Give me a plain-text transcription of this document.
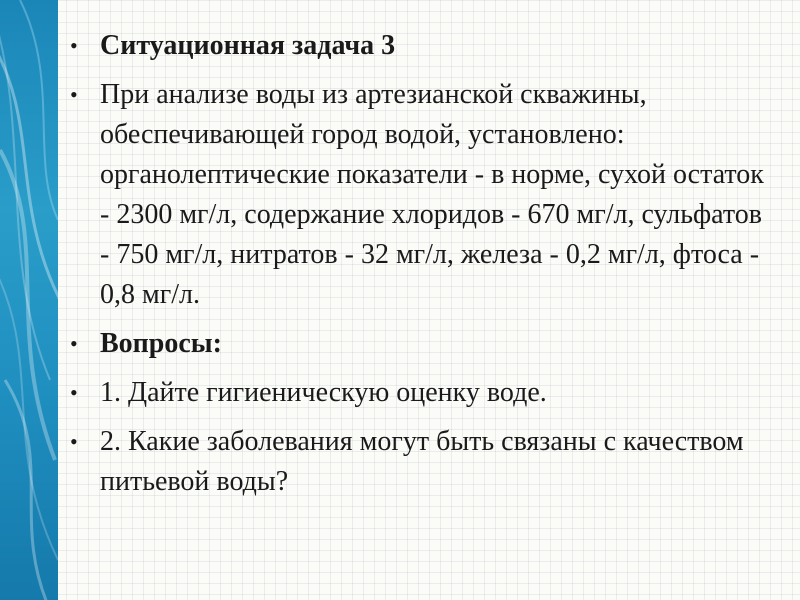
• Ситуационная задача 3
• При анализе воды из артезианской скважины, обеспечивающей город водой, установлено: органолептические показатели - в норме, сухой остаток - 2300 мг/л, содержание хлоридов - 670 мг/л, сульфатов - 750 мг/л, нитратов - 32 мг/л, железа - 0,2 мг/л, фтоса - 0,8 мг/л.
• Вопросы:
• 1. Дайте гигиеническую оценку воде.
• 2. Какие заболевания могут быть связаны с качеством питьевой воды?
